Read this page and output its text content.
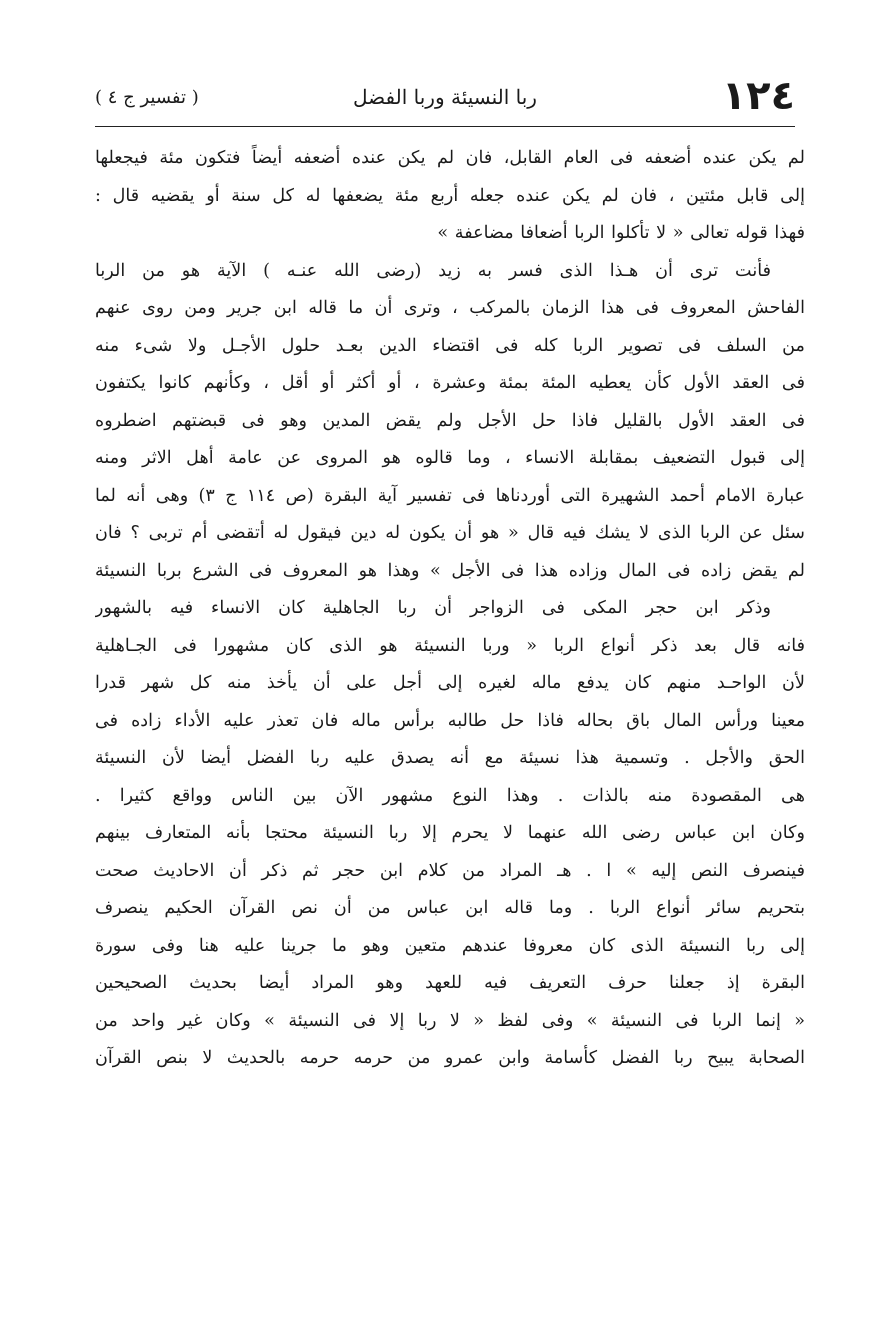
١٢٤
ربا النسيئة وربا الفضل
( تفسير ج ٤ )
لم يكن عنده أضعفه فى العام القابل، فان لم يكن عنده أضعفه أيضاً فتكون مئة فيجعلها
إلى قابل مئتين ، فان لم يكن عنده جعله أربع مئة يضعفها له كل سنة أو يقضيه قال :
فهذا قوله تعالى « لا تأكلوا الربا أضعافا مضاعفة »
فأنت ترى أن هـذا الذى فسر به زيد (رضى الله عنـه ) الآية هو من الربا
الفاحش المعروف فى هذا الزمان بالمركب ، وترى أن ما قاله ابن جرير ومن روى عنهم
من السلف فى تصوير الربا كله فى اقتضاء الدين بعـد حلول الأجـل ولا شىء منه
فى العقد الأول كأن يعطيه المئة بمئة وعشرة ، أو أكثر أو أقل ، وكأنهم كانوا يكتفون
فى العقد الأول بالقليل فاذا حل الأجل ولم يقض المدين وهو فى قبضتهم اضطروه
إلى قبول التضعيف بمقابلة الانساء ، وما قالوه هو المروى عن عامة أهل الاثر ومنه
عبارة الامام أحمد الشهيرة التى أوردناها فى تفسير آية البقرة (ص ١١٤ ج ٣) وهى أنه لما
سئل عن الربا الذى لا يشك فيه قال « هو أن يكون له دين فيقول له أتقضى أم تربى ؟ فان
لم يقض زاده فى المال وزاده هذا فى الأجل » وهذا هو المعروف فى الشرع بربا النسيئة
وذكر ابن حجر المكى فى الزواجر أن ربا الجاهلية كان الانساء فيه بالشهور
فانه قال بعد ذكر أنواع الربا « وربا النسيئة هو الذى كان مشهورا فى الجـاهلية
لأن الواحـد منهم كان يدفع ماله لغيره إلى أجل على أن يأخذ منه كل شهر قدرا
معينا ورأس المال باق بحاله فاذا حل طالبه برأس ماله فان تعذر عليه الأداء زاده فى
الحق والأجل . وتسمية هذا نسيئة مع أنه يصدق عليه ربا الفضل أيضا لأن النسيئة
هى المقصودة منه بالذات . وهذا النوع مشهور الآن بين الناس وواقع كثيرا .
وكان ابن عباس رضى الله عنهما لا يحرم إلا ربا النسيئة محتجا بأنه المتعارف بينهم
فينصرف النص إليه » ا . هـ المراد من كلام ابن حجر ثم ذكر أن الاحاديث صحت
بتحريم سائر أنواع الربا . وما قاله ابن عباس من أن نص القرآن الحكيم ينصرف
إلى ربا النسيئة الذى كان معروفا عندهم متعين وهو ما جرينا عليه هنا وفى سورة
البقرة إذ جعلنا حرف التعريف فيه للعهد وهو المراد أيضا بحديث الصحيحين
« إنما الربا فى النسيئة » وفى لفظ « لا ربا إلا فى النسيئة » وكان غير واحد من
الصحابة يبيح ربا الفضل كأسامة وابن عمرو من حرمه حرمه بالحديث لا بنص القرآن
